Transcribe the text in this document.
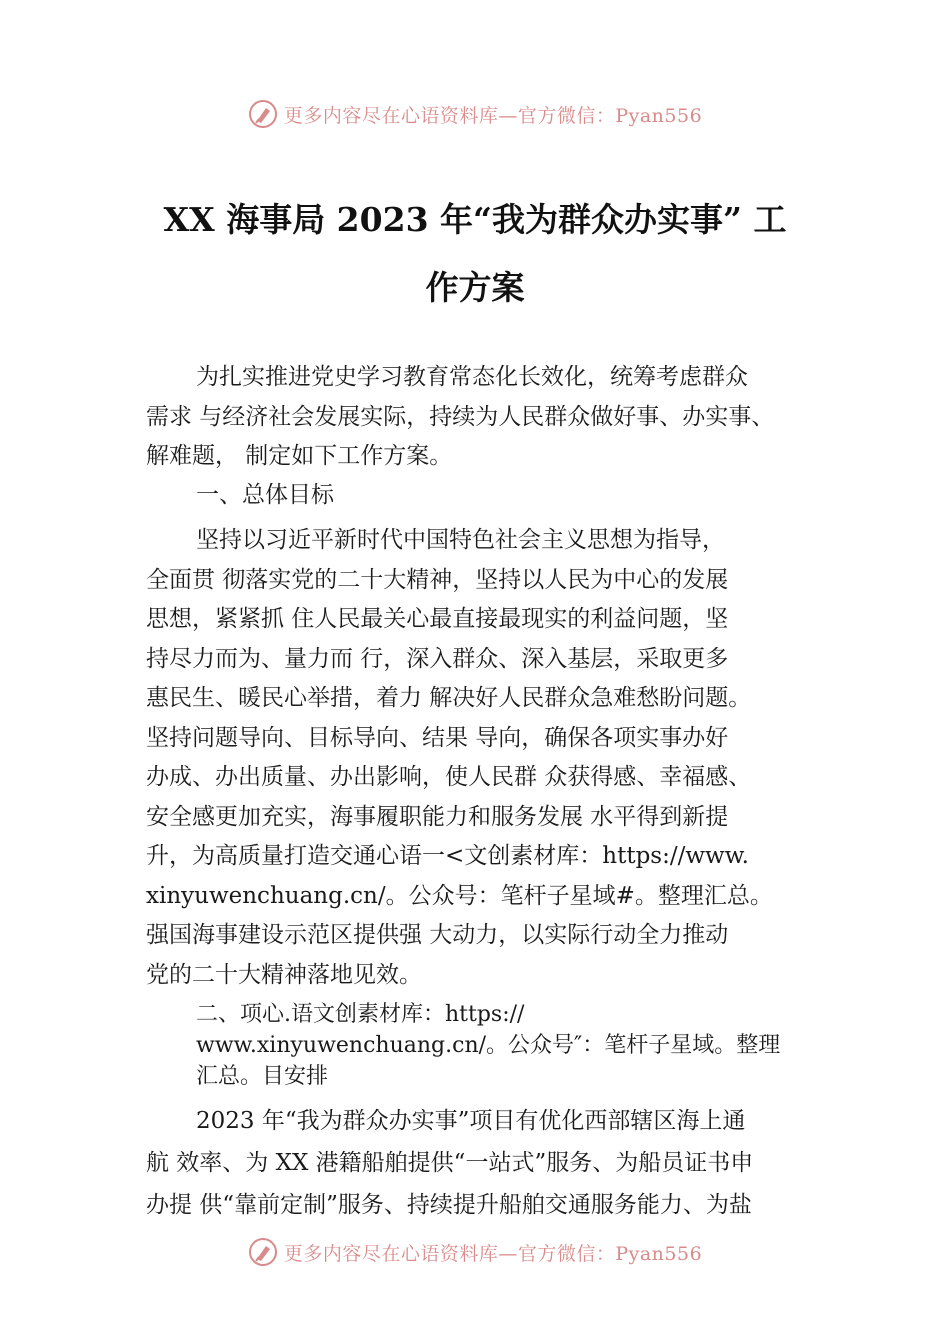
更多内容尽在心语资料库—官方微信：Pyan556
XX 海事局 2023 年“我为群众办实事” 工
作方案

为扎实推进党史学习教育常态化长效化，统筹考虑群众
需求 与经济社会发展实际，持续为人民群众做好事、办实事、
解难题， 制定如下工作方案。

一、总体目标

坚持以习近平新时代中国特色社会主义思想为指导，
全面贯 彻落实党的二十大精神，坚持以人民为中心的发展
思想，紧紧抓 住人民最关心最直接最现实的利益问题，坚
持尽力而为、量力而 行，深入群众、深入基层，采取更多
惠民生、暖民心举措，着力 解决好人民群众急难愁盼问题。
坚持问题导向、目标导向、结果 导向，确保各项实事办好
办成、办出质量、办出影响，使人民群 众获得感、幸福感、
安全感更加充实，海事履职能力和服务发展 水平得到新提
升，为高质量打造交通心语一<文创素材库：https://www.
xinyuwenchuang.cn/。公众号：笔杆子星域#。整理汇总。
强国海事建设示范区提供强 大动力，以实际行动全力推动
党的二十大精神落地见效。

二、项心.语文创素材库：https://
www.xinyuwenchuang.cn/。公众号″：笔杆子星域。整理
汇总。目安排

2023 年“我为群众办实事”项目有优化西部辖区海上通
航 效率、为 XX 港籍船舶提供“一站式”服务、为船员证书申
办提 供“靠前定制”服务、持续提升船舶交通服务能力、为盐

更多内容尽在心语资料库—官方微信：Pyan556
